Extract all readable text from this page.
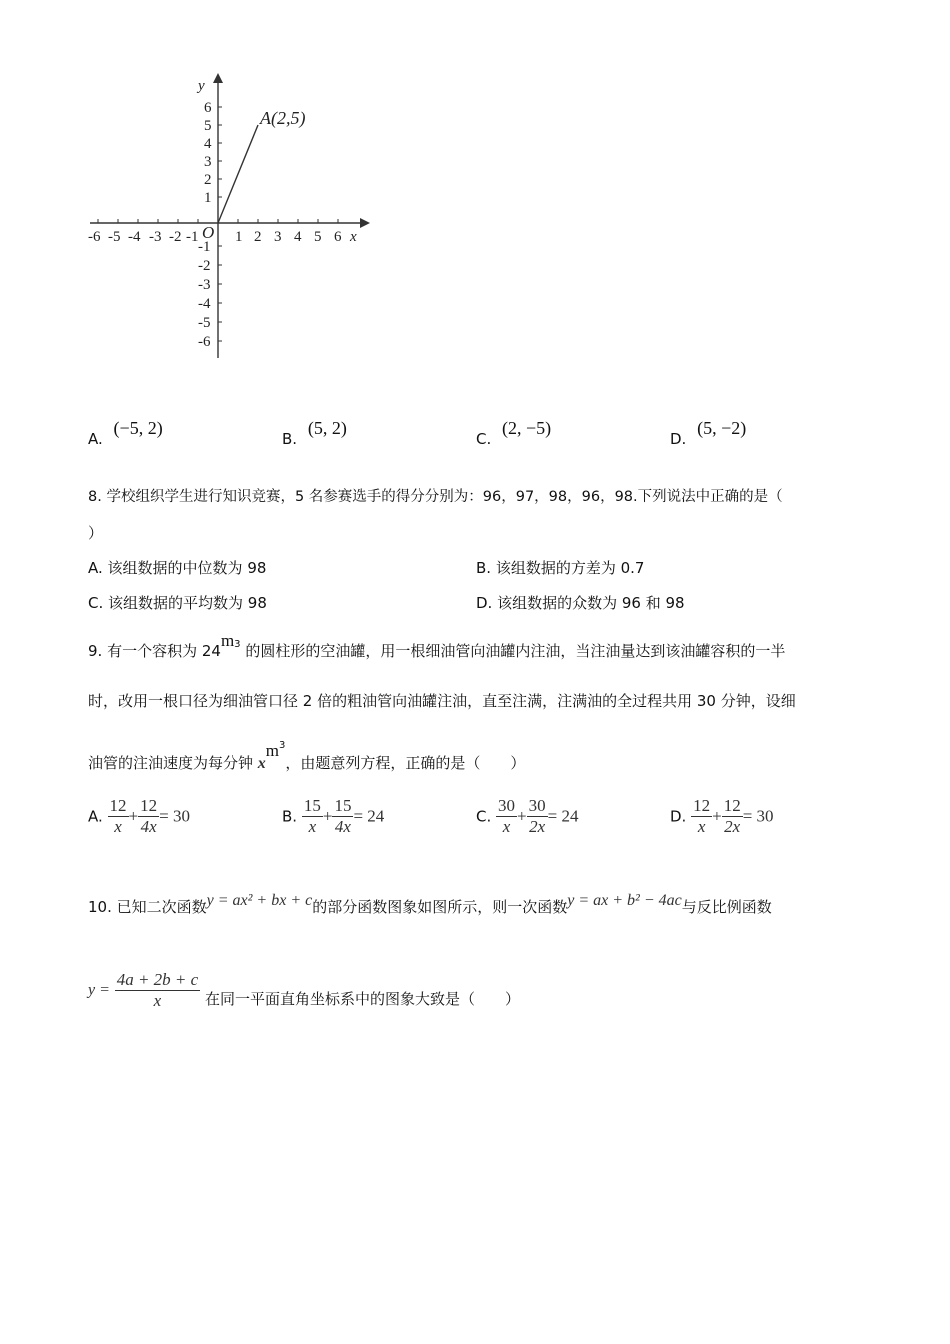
y
x
O
A(2,5)
6
5
4
3
2
1
-1
-2
-3
-4
-5
-6
-6 -5 -4 -3 -2 -1 1 2 3 4 5 6
A. (−5, 2)
B. (5, 2)
C. (2, −5)
D. (5, −2)
8. 学校组织学生进行知识竞赛，5 名参赛选手的得分分别为：96，97，98，96，98.下列说法中正确的是（
）
A. 该组数据的中位数为 98	B. 该组数据的方差为 0.7
C. 该组数据的平均数为 98	D. 该组数据的众数为 96 和 98
9. 有一个容积为 $24m^3$ 的圆柱形的空油罐，用一根细油管向油罐内注油，当注油量达到该油罐容积的一半
时，改用一根口径为细油管口径 2 倍的粗油管向油罐注油，直至注满，注满油的全过程共用 30 分钟，设细
油管的注油速度为每分钟 $xm^3$，由题意列方程，正确的是（　　）
A. $\frac{12}{x} + \frac{12}{4x} = 30$	B. $\frac{15}{x} + \frac{15}{4x} = 24$	C. $\frac{30}{x} + \frac{30}{2x} = 24$	D. $\frac{12}{x} + \frac{12}{2x} = 30$
10. 已知二次函数y = ax² + bx + c的部分函数图象如图所示，则一次函数y = ax + b² − 4ac与反比例函数
$y = \frac{4a + 2b + c}{x}$ 在同一平面直角坐标系中的图象大致是（　　）
